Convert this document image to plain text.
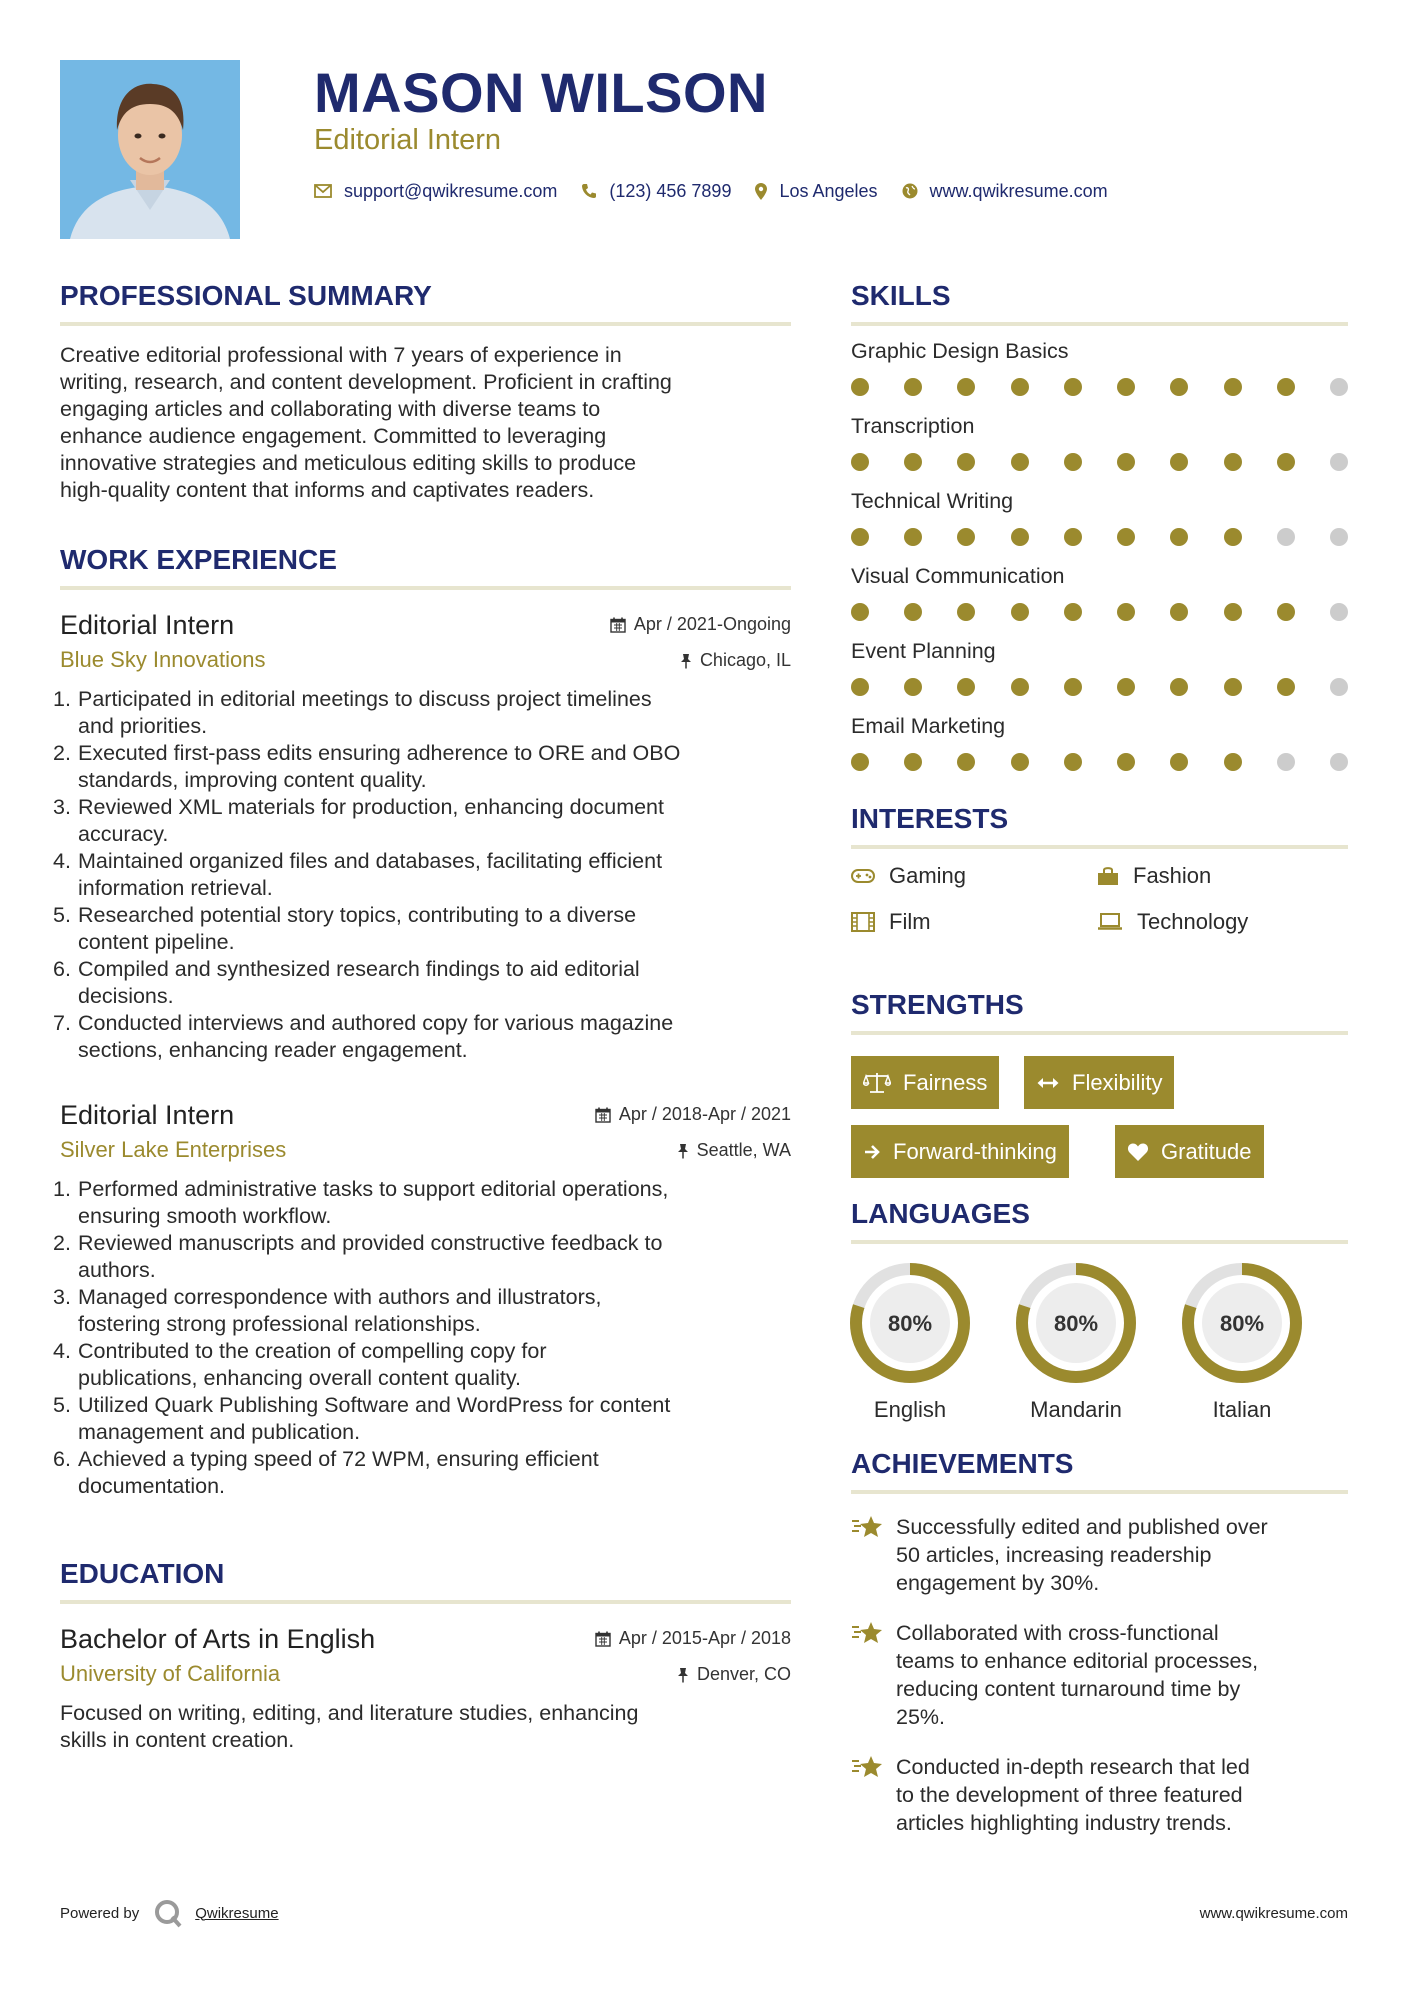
MASON WILSON
Editorial Intern
support@qwikresume.com	(123) 456 7899	Los Angeles	www.qwikresume.com
PROFESSIONAL SUMMARY
Creative editorial professional with 7 years of experience in
writing, research, and content development. Proficient in crafting
engaging articles and collaborating with diverse teams to
enhance audience engagement. Committed to leveraging
innovative strategies and meticulous editing skills to produce
high-quality content that informs and captivates readers.
WORK EXPERIENCE
Editorial Intern	Apr / 2021-Ongoing
Blue Sky Innovations	Chicago, IL
1. Participated in editorial meetings to discuss project timelines
and priorities.
2. Executed first-pass edits ensuring adherence to ORE and OBO
standards, improving content quality.
3. Reviewed XML materials for production, enhancing document
accuracy.
4. Maintained organized files and databases, facilitating efficient
information retrieval.
5. Researched potential story topics, contributing to a diverse
content pipeline.
6. Compiled and synthesized research findings to aid editorial
decisions.
7. Conducted interviews and authored copy for various magazine
sections, enhancing reader engagement.
Editorial Intern	Apr / 2018-Apr / 2021
Silver Lake Enterprises	Seattle, WA
1. Performed administrative tasks to support editorial operations,
ensuring smooth workflow.
2. Reviewed manuscripts and provided constructive feedback to
authors.
3. Managed correspondence with authors and illustrators,
fostering strong professional relationships.
4. Contributed to the creation of compelling copy for
publications, enhancing overall content quality.
5. Utilized Quark Publishing Software and WordPress for content
management and publication.
6. Achieved a typing speed of 72 WPM, ensuring efficient
documentation.
EDUCATION
Bachelor of Arts in English	Apr / 2015-Apr / 2018
University of California	Denver, CO
Focused on writing, editing, and literature studies, enhancing
skills in content creation.
SKILLS
Graphic Design Basics
Transcription
Technical Writing
Visual Communication
Event Planning
Email Marketing
INTERESTS
Gaming	Fashion
Film	Technology
STRENGTHS
Fairness	Flexibility
Forward-thinking	Gratitude
LANGUAGES
80%
English
80%
Mandarin
80%
Italian
ACHIEVEMENTS
Successfully edited and published over
50 articles, increasing readership
engagement by 30%.
Collaborated with cross-functional
teams to enhance editorial processes,
reducing content turnaround time by
25%.
Conducted in-depth research that led
to the development of three featured
articles highlighting industry trends.
Powered by	Qwikresume	www.qwikresume.com
